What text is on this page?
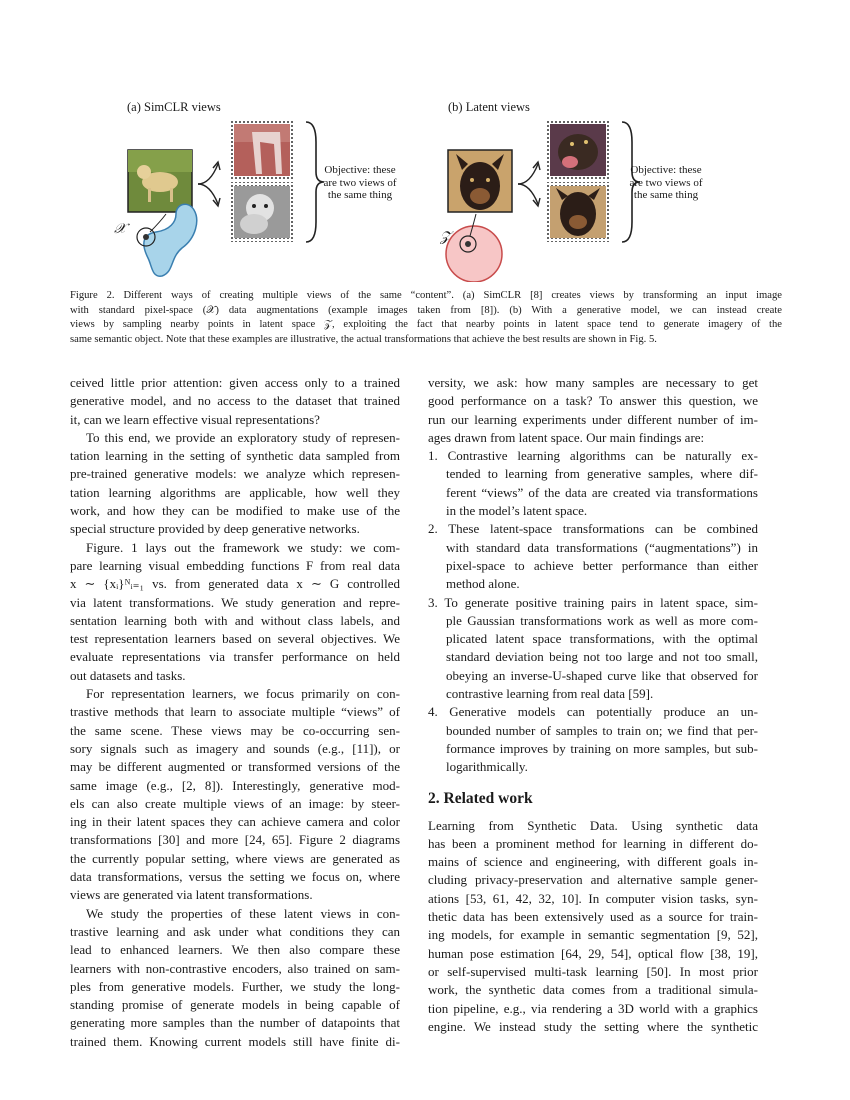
(a) SimCLR views	(b) Latent views
𝒳
𝒵
Objective: these
are two views of
the same thing
Objective: these
are two views of
the same thing
Figure 2. Different ways of creating multiple views of the same “content”. (a) SimCLR [8] creates views by transforming an input image
with standard pixel-space (𝒳) data augmentations (example images taken from [8]). (b) With a generative model, we can instead create
views by sampling nearby points in latent space 𝒵, exploiting the fact that nearby points in latent space tend to generate imagery of the
same semantic object. Note that these examples are illustrative, the actual transformations that achieve the best results are shown in Fig. 5.
ceived little prior attention: given access only to a trained
generative model, and no access to the dataset that trained
it, can we learn effective visual representations?
To this end, we provide an exploratory study of represen-
tation learning in the setting of synthetic data sampled from
pre-trained generative models: we analyze which represen-
tation learning algorithms are applicable, how well they
work, and how they can be modified to make use of the
special structure provided by deep generative networks.
Figure. 1 lays out the framework we study: we com-
pare learning visual embedding functions F from real data
x ∼ {xᵢ}ᴺᵢ₌₁ vs. from generated data x ∼ G controlled
via latent transformations. We study generation and repre-
sentation learning both with and without class labels, and
test representation learners based on several objectives. We
evaluate representations via transfer performance on held
out datasets and tasks.
For representation learners, we focus primarily on con-
trastive methods that learn to associate multiple “views” of
the same scene. These views may be co-occurring sen-
sory signals such as imagery and sounds (e.g., [11]), or
may be different augmented or transformed versions of the
same image (e.g., [2, 8]). Interestingly, generative mod-
els can also create multiple views of an image: by steer-
ing in their latent spaces they can achieve camera and color
transformations [30] and more [24, 65]. Figure 2 diagrams
the currently popular setting, where views are generated as
data transformations, versus the setting we focus on, where
views are generated via latent transformations.
We study the properties of these latent views in con-
trastive learning and ask under what conditions they can
lead to enhanced learners. We then also compare these
learners with non-contrastive encoders, also trained on sam-
ples from generative models. Further, we study the long-
standing promise of generate models in being capable of
generating more samples than the number of datapoints that
trained them. Knowing current models still have finite di-
versity, we ask: how many samples are necessary to get
good performance on a task? To answer this question, we
run our learning experiments under different number of im-
ages drawn from latent space. Our main findings are:
1. Contrastive learning algorithms can be naturally ex-
tended to learning from generative samples, where dif-
ferent “views” of the data are created via transformations
in the model’s latent space.
2. These latent-space transformations can be combined
with standard data transformations (“augmentations”) in
pixel-space to achieve better performance than either
method alone.
3. To generate positive training pairs in latent space, sim-
ple Gaussian transformations work as well as more com-
plicated latent space transformations, with the optimal
standard deviation being not too large and not too small,
obeying an inverse-U-shaped curve like that observed for
contrastive learning from real data [59].
4. Generative models can potentially produce an un-
bounded number of samples to train on; we find that per-
formance improves by training on more samples, but sub-
logarithmically.
2. Related work
Learning from Synthetic Data. Using synthetic data
has been a prominent method for learning in different do-
mains of science and engineering, with different goals in-
cluding privacy-preservation and alternative sample gener-
ations [53, 61, 42, 32, 10]. In computer vision tasks, syn-
thetic data has been extensively used as a source for train-
ing models, for example in semantic segmentation [9, 52],
human pose estimation [64, 29, 54], optical flow [38, 19],
or self-supervised multi-task learning [50]. In most prior
work, the synthetic data comes from a traditional simula-
tion pipeline, e.g., via rendering a 3D world with a graphics
engine. We instead study the setting where the synthetic
